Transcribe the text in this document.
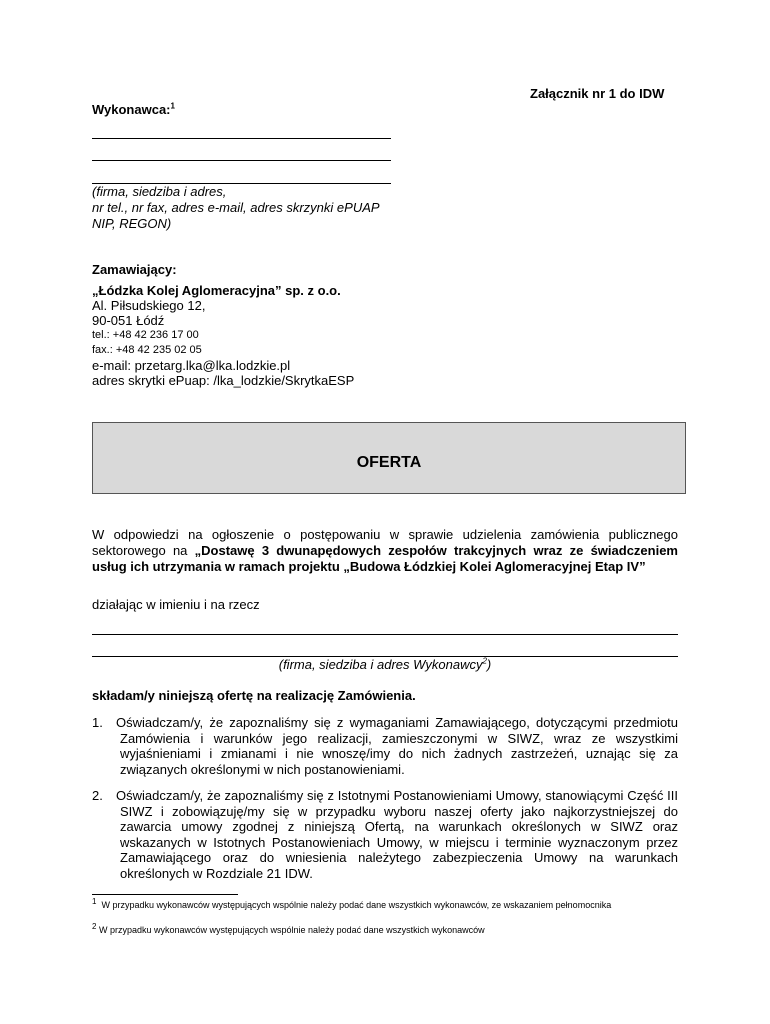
Załącznik nr 1 do IDW
Wykonawca:$^1$
(firma, siedziba i adres,
nr tel., nr fax, adres e-mail, adres skrzynki ePUAP
NIP, REGON)
Zamawiający:
„Łódzka Kolej Aglomeracyjna” sp. z o.o.
Al. Piłsudskiego 12,
90-051 Łódź
tel.: +48 42 236 17 00
fax.: +48 42 235 02 05
e-mail: przetarg.lka@lka.lodzkie.pl
adres skrytki ePuap: /lka_lodzkie/SkrytkaESP
OFERTA
W odpowiedzi na ogłoszenie o postępowaniu w sprawie udzielenia zamówienia publicznego sektorowego na „Dostawę 3 dwunapędowych zespołów trakcyjnych wraz ze świadczeniem usług ich utrzymania w ramach projektu „Budowa Łódzkiej Kolei Aglomeracyjnej Etap IV”
działając w imieniu i na rzecz
(firma, siedziba i adres Wykonawcy$^2$)
składam/y niniejszą ofertę na realizację Zamówienia.
1. Oświadczam/y, że zapoznaliśmy się z wymaganiami Zamawiającego, dotyczącymi przedmiotu Zamówienia i warunków jego realizacji, zamieszczonymi w SIWZ, wraz ze wszystkimi wyjaśnieniami i zmianami i nie wnoszę/imy do nich żadnych zastrzeżeń, uznając się za związanych określonymi w nich postanowieniami.
2. Oświadczam/y, że zapoznaliśmy się z Istotnymi Postanowieniami Umowy, stanowiącymi Część III SIWZ i zobowiązuję/my się w przypadku wyboru naszej oferty jako najkorzystniejszej do zawarcia umowy zgodnej z niniejszą Ofertą, na warunkach określonych w SIWZ oraz wskazanych w Istotnych Postanowieniach Umowy, w miejscu i terminie wyznaczonym przez Zamawiającego oraz do wniesienia należytego zabezpieczenia Umowy na warunkach określonych w Rozdziale 21 IDW.
$^1$ W przypadku wykonawców występujących wspólnie należy podać dane wszystkich wykonawców, ze wskazaniem pełnomocnika
$^2$ W przypadku wykonawców występujących wspólnie należy podać dane wszystkich wykonawców
